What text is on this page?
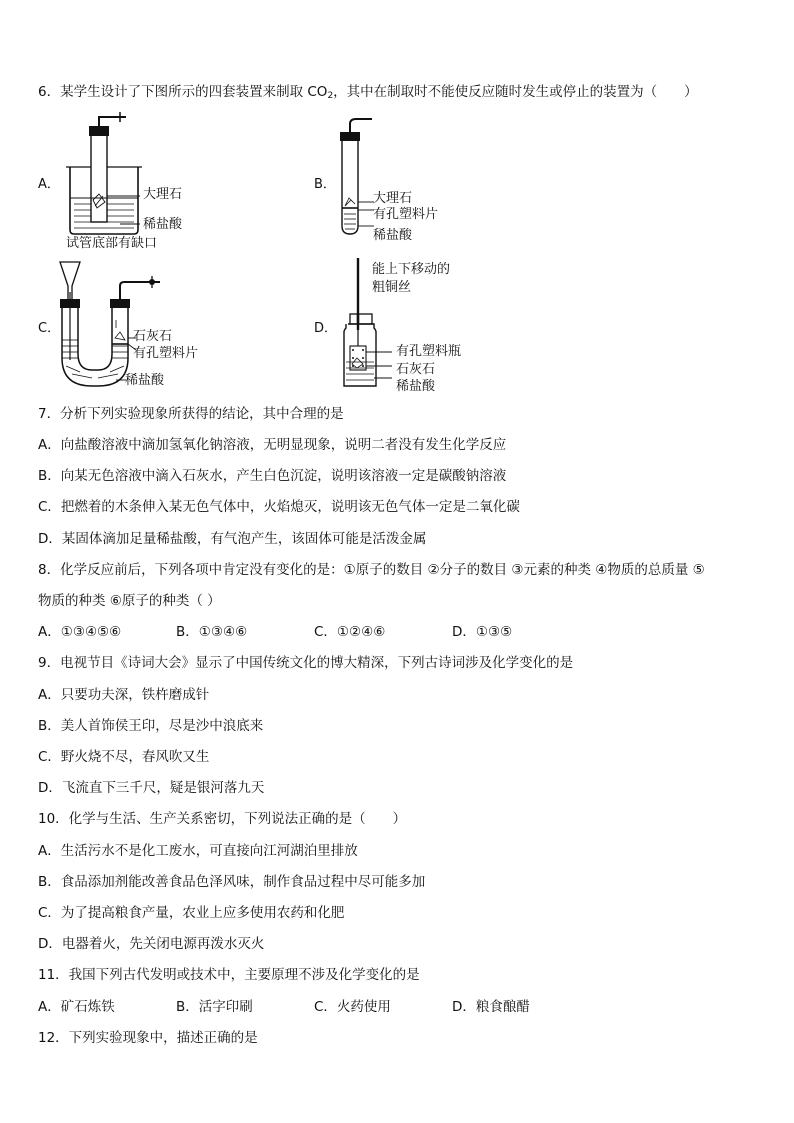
6．某学生设计了下图所示的四套装置来制取 $CO_2$，其中在制取时不能使反应随时发生或停止的装置为（　　）
A．
大理石
稀盐酸
试管底部有缺口
B．
大理石
有孔塑料片
稀盐酸
C．
石灰石
有孔塑料片
稀盐酸
D．
能上下移动的
粗铜丝
有孔塑料瓶
石灰石
稀盐酸
7．分析下列实验现象所获得的结论，其中合理的是
A．向盐酸溶液中滴加氢氧化钠溶液，无明显现象，说明二者没有发生化学反应
B．向某无色溶液中滴入石灰水，产生白色沉淀，说明该溶液一定是碳酸钠溶液
C．把燃着的木条伸入某无色气体中，火焰熄灭，说明该无色气体一定是二氧化碳
D．某固体滴加足量稀盐酸，有气泡产生，该固体可能是活泼金属
8．化学反应前后，下列各项中肯定没有变化的是：①原子的数目 ②分子的数目 ③元素的种类 ④物质的总质量 ⑤
物质的种类 ⑥原子的种类（ ）
A．①③④⑤⑥	B．①③④⑥	C．①②④⑥	D．①③⑤
9．电视节目《诗词大会》显示了中国传统文化的博大精深，下列古诗词涉及化学变化的是
A．只要功夫深，铁杵磨成针
B．美人首饰侯王印，尽是沙中浪底来
C．野火烧不尽，春风吹又生
D．飞流直下三千尺，疑是银河落九天
10．化学与生活、生产关系密切，下列说法正确的是（　　）
A．生活污水不是化工废水，可直接向江河湖泊里排放
B．食品添加剂能改善食品色泽风味，制作食品过程中尽可能多加
C．为了提高粮食产量，农业上应多使用农药和化肥
D．电器着火，先关闭电源再泼水灭火
11．我国下列古代发明或技术中，主要原理不涉及化学变化的是
A．矿石炼铁	B．活字印刷	C．火药使用	D．粮食酿醋
12．下列实验现象中，描述正确的是
